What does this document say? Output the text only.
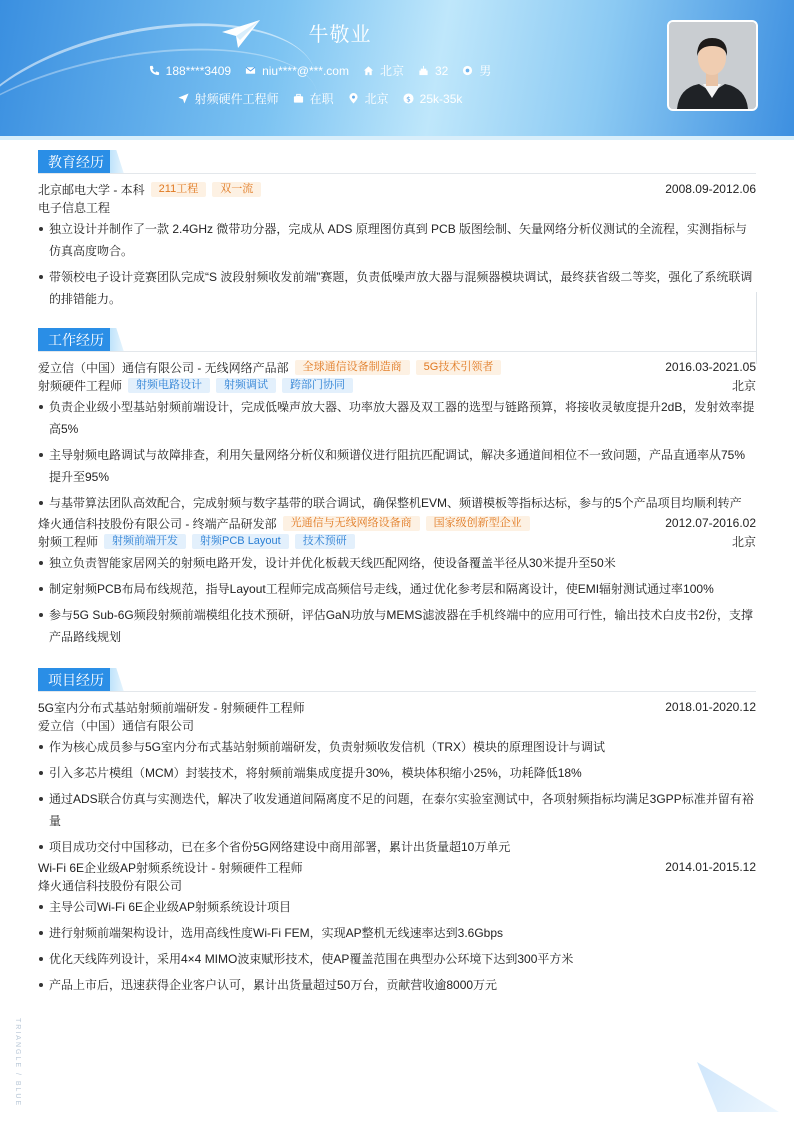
牛敬业
188****3409	niu****@***.com	北京	32	男
射频硬件工程师	在职	北京 $ 25k-35k
教育经历
北京邮电大学 - 本科	211工程	双一流	2008.09-2012.06
电子信息工程
独立设计并制作了一款 2.4GHz 微带功分器，完成从 ADS 原理图仿真到 PCB 版图绘制、矢量网络分析仪测试的全流程，实测指标与仿真高度吻合。
带领校电子设计竞赛团队完成“S 波段射频收发前端”赛题，负责低噪声放大器与混频器模块调试，最终获省级二等奖，强化了系统联调的排错能力。
工作经历
爱立信（中国）通信有限公司 - 无线网络产品部	全球通信设备制造商	5G技术引领者	2016.03-2021.05
射频硬件工程师	射频电路设计	射频调试	跨部门协同	北京
负责企业级小型基站射频前端设计，完成低噪声放大器、功率放大器及双工器的选型与链路预算，将接收灵敏度提升2dB，发射效率提高5%
主导射频电路调试与故障排查，利用矢量网络分析仪和频谱仪进行阻抗匹配调试，解决多通道间相位不一致问题，产品直通率从75%提升至95%
与基带算法团队高效配合，完成射频与数字基带的联合调试，确保整机EVM、频谱模板等指标达标，参与的5个产品项目均顺利转产
烽火通信科技股份有限公司 - 终端产品研发部	光通信与无线网络设备商	国家级创新型企业	2012.07-2016.02
射频工程师	射频前端开发	射频PCB Layout	技术预研	北京
独立负责智能家居网关的射频电路开发，设计并优化板载天线匹配网络，使设备覆盖半径从30米提升至50米
制定射频PCB布局布线规范，指导Layout工程师完成高频信号走线，通过优化参考层和隔离设计，使EMI辐射测试通过率100%
参与5G Sub-6G频段射频前端模组化技术预研，评估GaN功放与MEMS滤波器在手机终端中的应用可行性，输出技术白皮书2份，支撑产品路线规划
项目经历
5G室内分布式基站射频前端研发 - 射频硬件工程师	2018.01-2020.12
爱立信（中国）通信有限公司
作为核心成员参与5G室内分布式基站射频前端研发，负责射频收发信机（TRX）模块的原理图设计与调试
引入多芯片模组（MCM）封装技术，将射频前端集成度提升30%，模块体积缩小25%，功耗降低18%
通过ADS联合仿真与实测迭代，解决了收发通道间隔离度不足的问题，在泰尔实验室测试中，各项射频指标均满足3GPP标准并留有裕量
项目成功交付中国移动，已在多个省份5G网络建设中商用部署，累计出货量超10万单元
Wi-Fi 6E企业级AP射频系统设计 - 射频硬件工程师	2014.01-2015.12
烽火通信科技股份有限公司
主导公司Wi-Fi 6E企业级AP射频系统设计项目
进行射频前端架构设计，选用高线性度Wi-Fi FEM，实现AP整机无线速率达到3.6Gbps
优化天线阵列设计，采用4×4 MIMO波束赋形技术，使AP覆盖范围在典型办公环境下达到300平方米
产品上市后，迅速获得企业客户认可，累计出货量超过50万台，贡献营收逾8000万元
TRIANGLE / BLUE
